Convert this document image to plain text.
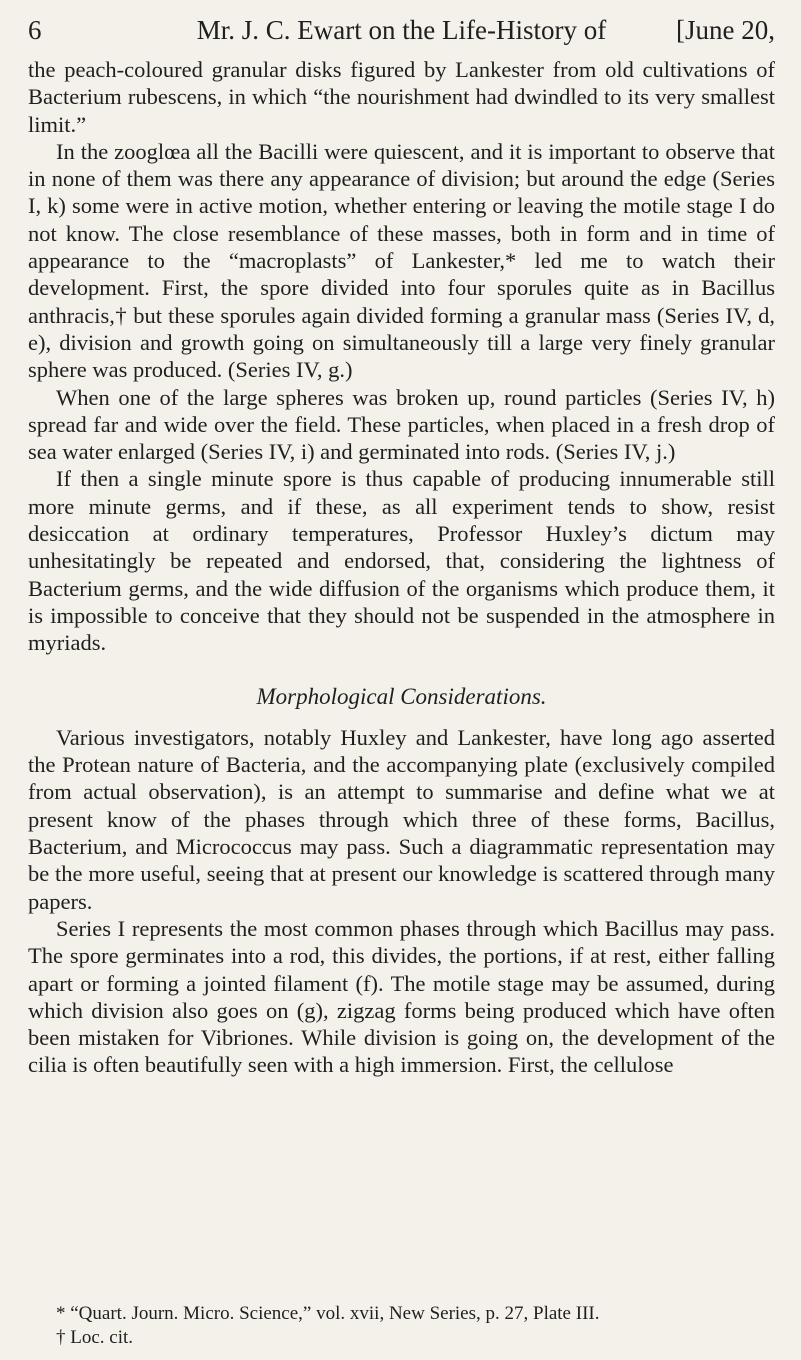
6	Mr. J. C. Ewart on the Life-History of	[June 20,

the peach-coloured granular disks figured by Lankester from old cultivations of Bacterium rubescens, in which “the nourishment had dwindled to its very smallest limit.”

In the zooglœa all the Bacilli were quiescent, and it is important to observe that in none of them was there any appearance of division; but around the edge (Series I, k) some were in active motion, whether entering or leaving the motile stage I do not know. The close resemblance of these masses, both in form and in time of appearance to the “macroplasts” of Lankester,* led me to watch their development. First, the spore divided into four sporules quite as in Bacillus anthracis,† but these sporules again divided forming a granular mass (Series IV, d, e), division and growth going on simultaneously till a large very finely granular sphere was produced. (Series IV, g.)

When one of the large spheres was broken up, round particles (Series IV, h) spread far and wide over the field. These particles, when placed in a fresh drop of sea water enlarged (Series IV, i) and germinated into rods. (Series IV, j.)

If then a single minute spore is thus capable of producing innumerable still more minute germs, and if these, as all experiment tends to show, resist desiccation at ordinary temperatures, Professor Huxley’s dictum may unhesitatingly be repeated and endorsed, that, considering the lightness of Bacterium germs, and the wide diffusion of the organisms which produce them, it is impossible to conceive that they should not be suspended in the atmosphere in myriads.

Morphological Considerations.

Various investigators, notably Huxley and Lankester, have long ago asserted the Protean nature of Bacteria, and the accompanying plate (exclusively compiled from actual observation), is an attempt to summarise and define what we at present know of the phases through which three of these forms, Bacillus, Bacterium, and Micrococcus may pass. Such a diagrammatic representation may be the more useful, seeing that at present our knowledge is scattered through many papers.

Series I represents the most common phases through which Bacillus may pass. The spore germinates into a rod, this divides, the portions, if at rest, either falling apart or forming a jointed filament (f). The motile stage may be assumed, during which division also goes on (g), zigzag forms being produced which have often been mistaken for Vibriones. While division is going on, the development of the cilia is often beautifully seen with a high immersion. First, the cellulose

* “Quart. Journ. Micro. Science,” vol. xvii, New Series, p. 27, Plate III.

† Loc. cit.
